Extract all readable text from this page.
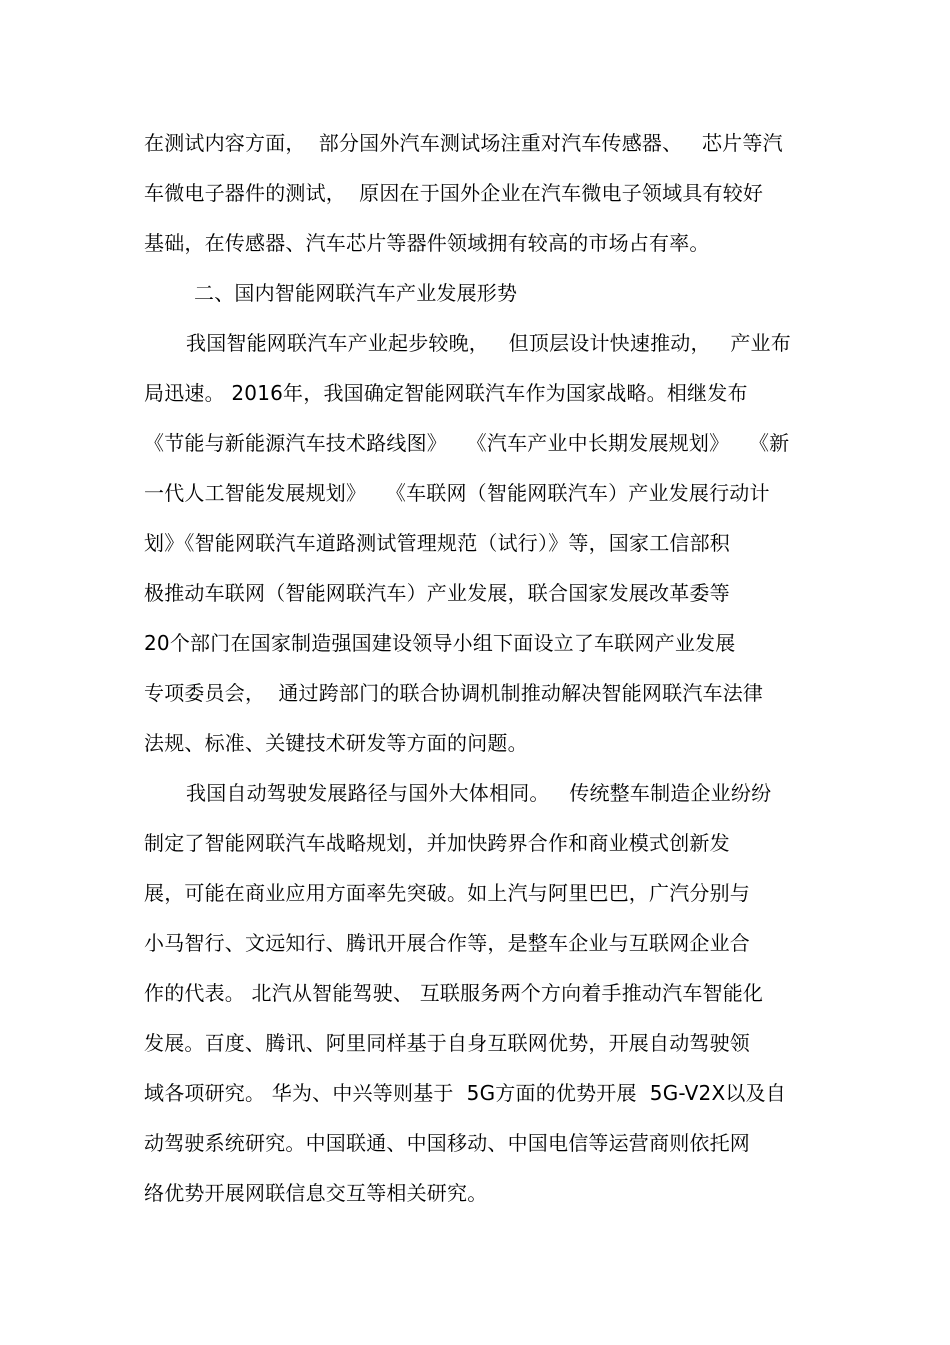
在测试内容方面，  部分国外汽车测试场注重对汽车传感器、   芯片等汽
车微电子器件的测试，  原因在于国外企业在汽车微电子领域具有较好
基础，在传感器、汽车芯片等器件领域拥有较高的市场占有率。
二、国内智能网联汽车产业发展形势
我国智能网联汽车产业起步较晚，   但顶层设计快速推动，   产业布
局迅速。 2016年，我国确定智能网联汽车作为国家战略。相继发布
《节能与新能源汽车技术路线图》   《汽车产业中长期发展规划》   《新
一代人工智能发展规划》   《车联网（智能网联汽车）产业发展行动计
划》《智能网联汽车道路测试管理规范（试行）》等，国家工信部积
极推动车联网（智能网联汽车）产业发展，联合国家发展改革委等
20个部门在国家制造强国建设领导小组下面设立了车联网产业发展
专项委员会，  通过跨部门的联合协调机制推动解决智能网联汽车法律
法规、标准、关键技术研发等方面的问题。
我国自动驾驶发展路径与国外大体相同。   传统整车制造企业纷纷
制定了智能网联汽车战略规划，并加快跨界合作和商业模式创新发
展，可能在商业应用方面率先突破。如上汽与阿里巴巴，广汽分别与
小马智行、文远知行、腾讯开展合作等，是整车企业与互联网企业合
作的代表。 北汽从智能驾驶、 互联服务两个方向着手推动汽车智能化
发展。百度、腾讯、阿里同样基于自身互联网优势，开展自动驾驶领
域各项研究。 华为、中兴等则基于  5G方面的优势开展  5G-V2X以及自
动驾驶系统研究。中国联通、中国移动、中国电信等运营商则依托网
络优势开展网联信息交互等相关研究。
